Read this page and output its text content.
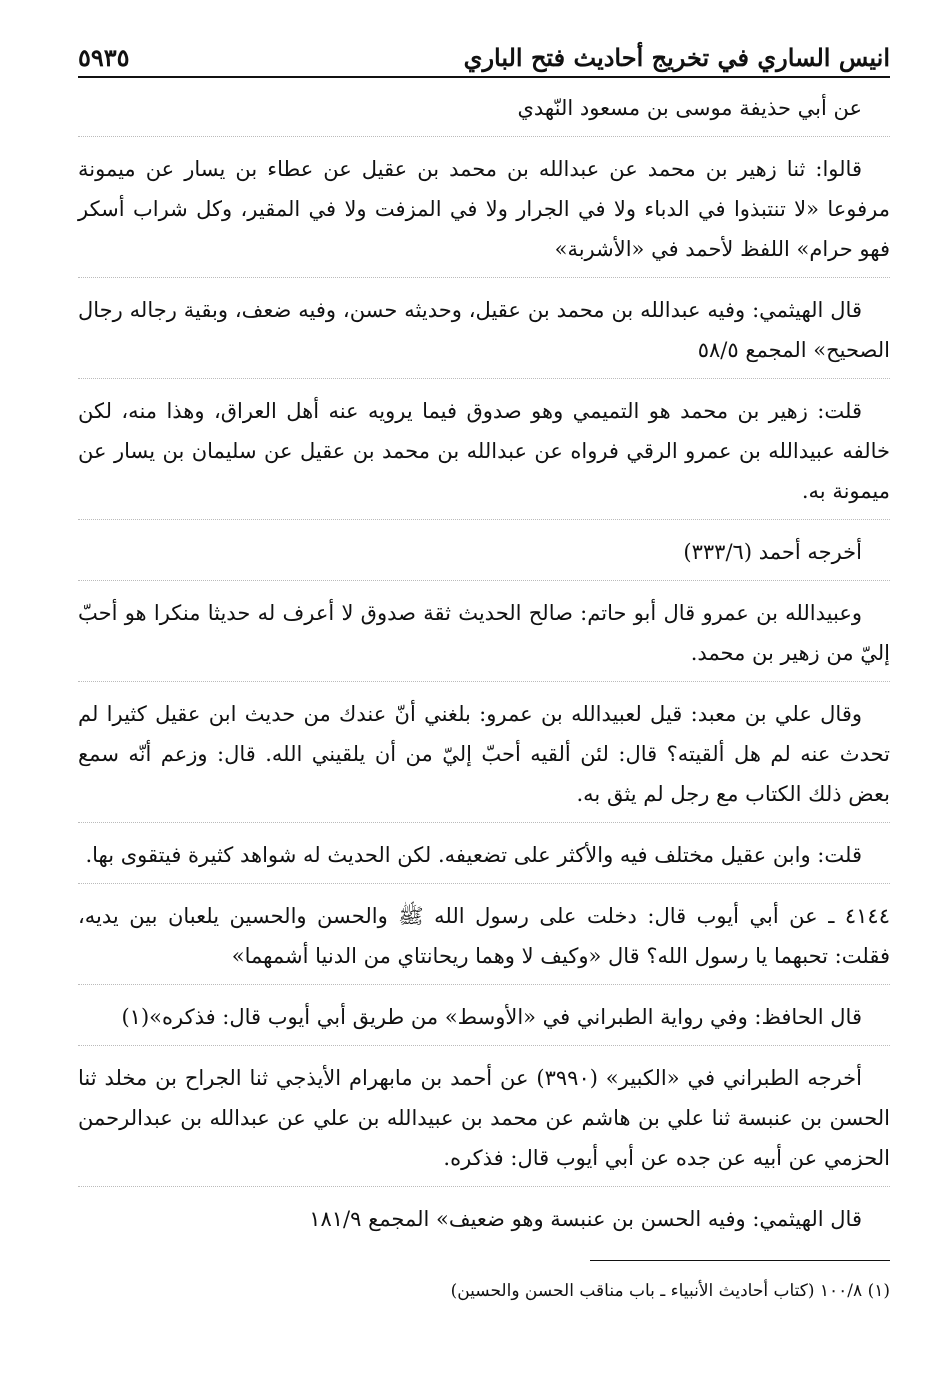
انيس الساري في تخريج أحاديث فتح الباري
٥٩٣٥

عن أبي حذيفة موسى بن مسعود النّهدي

قالوا: ثنا زهير بن محمد عن عبدالله بن محمد بن عقيل عن عطاء بن يسار عن ميمونة مرفوعا «لا تنتبذوا في الدباء ولا في الجرار ولا في المزفت ولا في المقير، وكل شراب أسكر فهو حرام» اللفظ لأحمد في «الأشربة»

قال الهيثمي: وفيه عبدالله بن محمد بن عقيل، وحديثه حسن، وفيه ضعف، وبقية رجاله رجال الصحيح» المجمع ٥٨/٥

قلت: زهير بن محمد هو التميمي وهو صدوق فيما يرويه عنه أهل العراق، وهذا منه، لكن خالفه عبيدالله بن عمرو الرقي فرواه عن عبدالله بن محمد بن عقيل عن سليمان بن يسار عن ميمونة به.

أخرجه أحمد (٣٣٣/٦)

وعبيدالله بن عمرو قال أبو حاتم: صالح الحديث ثقة صدوق لا أعرف له حديثا منكرا هو أحبّ إليّ من زهير بن محمد.

وقال علي بن معبد: قيل لعبيدالله بن عمرو: بلغني أنّ عندك من حديث ابن عقيل كثيرا لم تحدث عنه لم هل ألقيته؟ قال: لئن ألقيه أحبّ إليّ من أن يلقيني الله. قال: وزعم أنّه سمع بعض ذلك الكتاب مع رجل لم يثق به.

قلت: وابن عقيل مختلف فيه والأكثر على تضعيفه. لكن الحديث له شواهد كثيرة فيتقوى بها.

٤١٤٤ ـ عن أبي أيوب قال: دخلت على رسول الله ﷺ والحسن والحسين يلعبان بين يديه، فقلت: تحبهما يا رسول الله؟ قال «وكيف لا وهما ريحانتاي من الدنيا أشمهما»

قال الحافظ: وفي رواية الطبراني في «الأوسط» من طريق أبي أيوب قال: فذكره»(١)

أخرجه الطبراني في «الكبير» (٣٩٩٠) عن أحمد بن مابهرام الأيذجي ثنا الجراح بن مخلد ثنا الحسن بن عنبسة ثنا علي بن هاشم عن محمد بن عبيدالله بن علي عن عبدالله بن عبدالرحمن الحزمي عن أبيه عن جده عن أبي أيوب قال: فذكره.

قال الهيثمي: وفيه الحسن بن عنبسة وهو ضعيف» المجمع ١٨١/٩

(١) ١٠٠/٨ (كتاب أحاديث الأنبياء ـ باب مناقب الحسن والحسين)
